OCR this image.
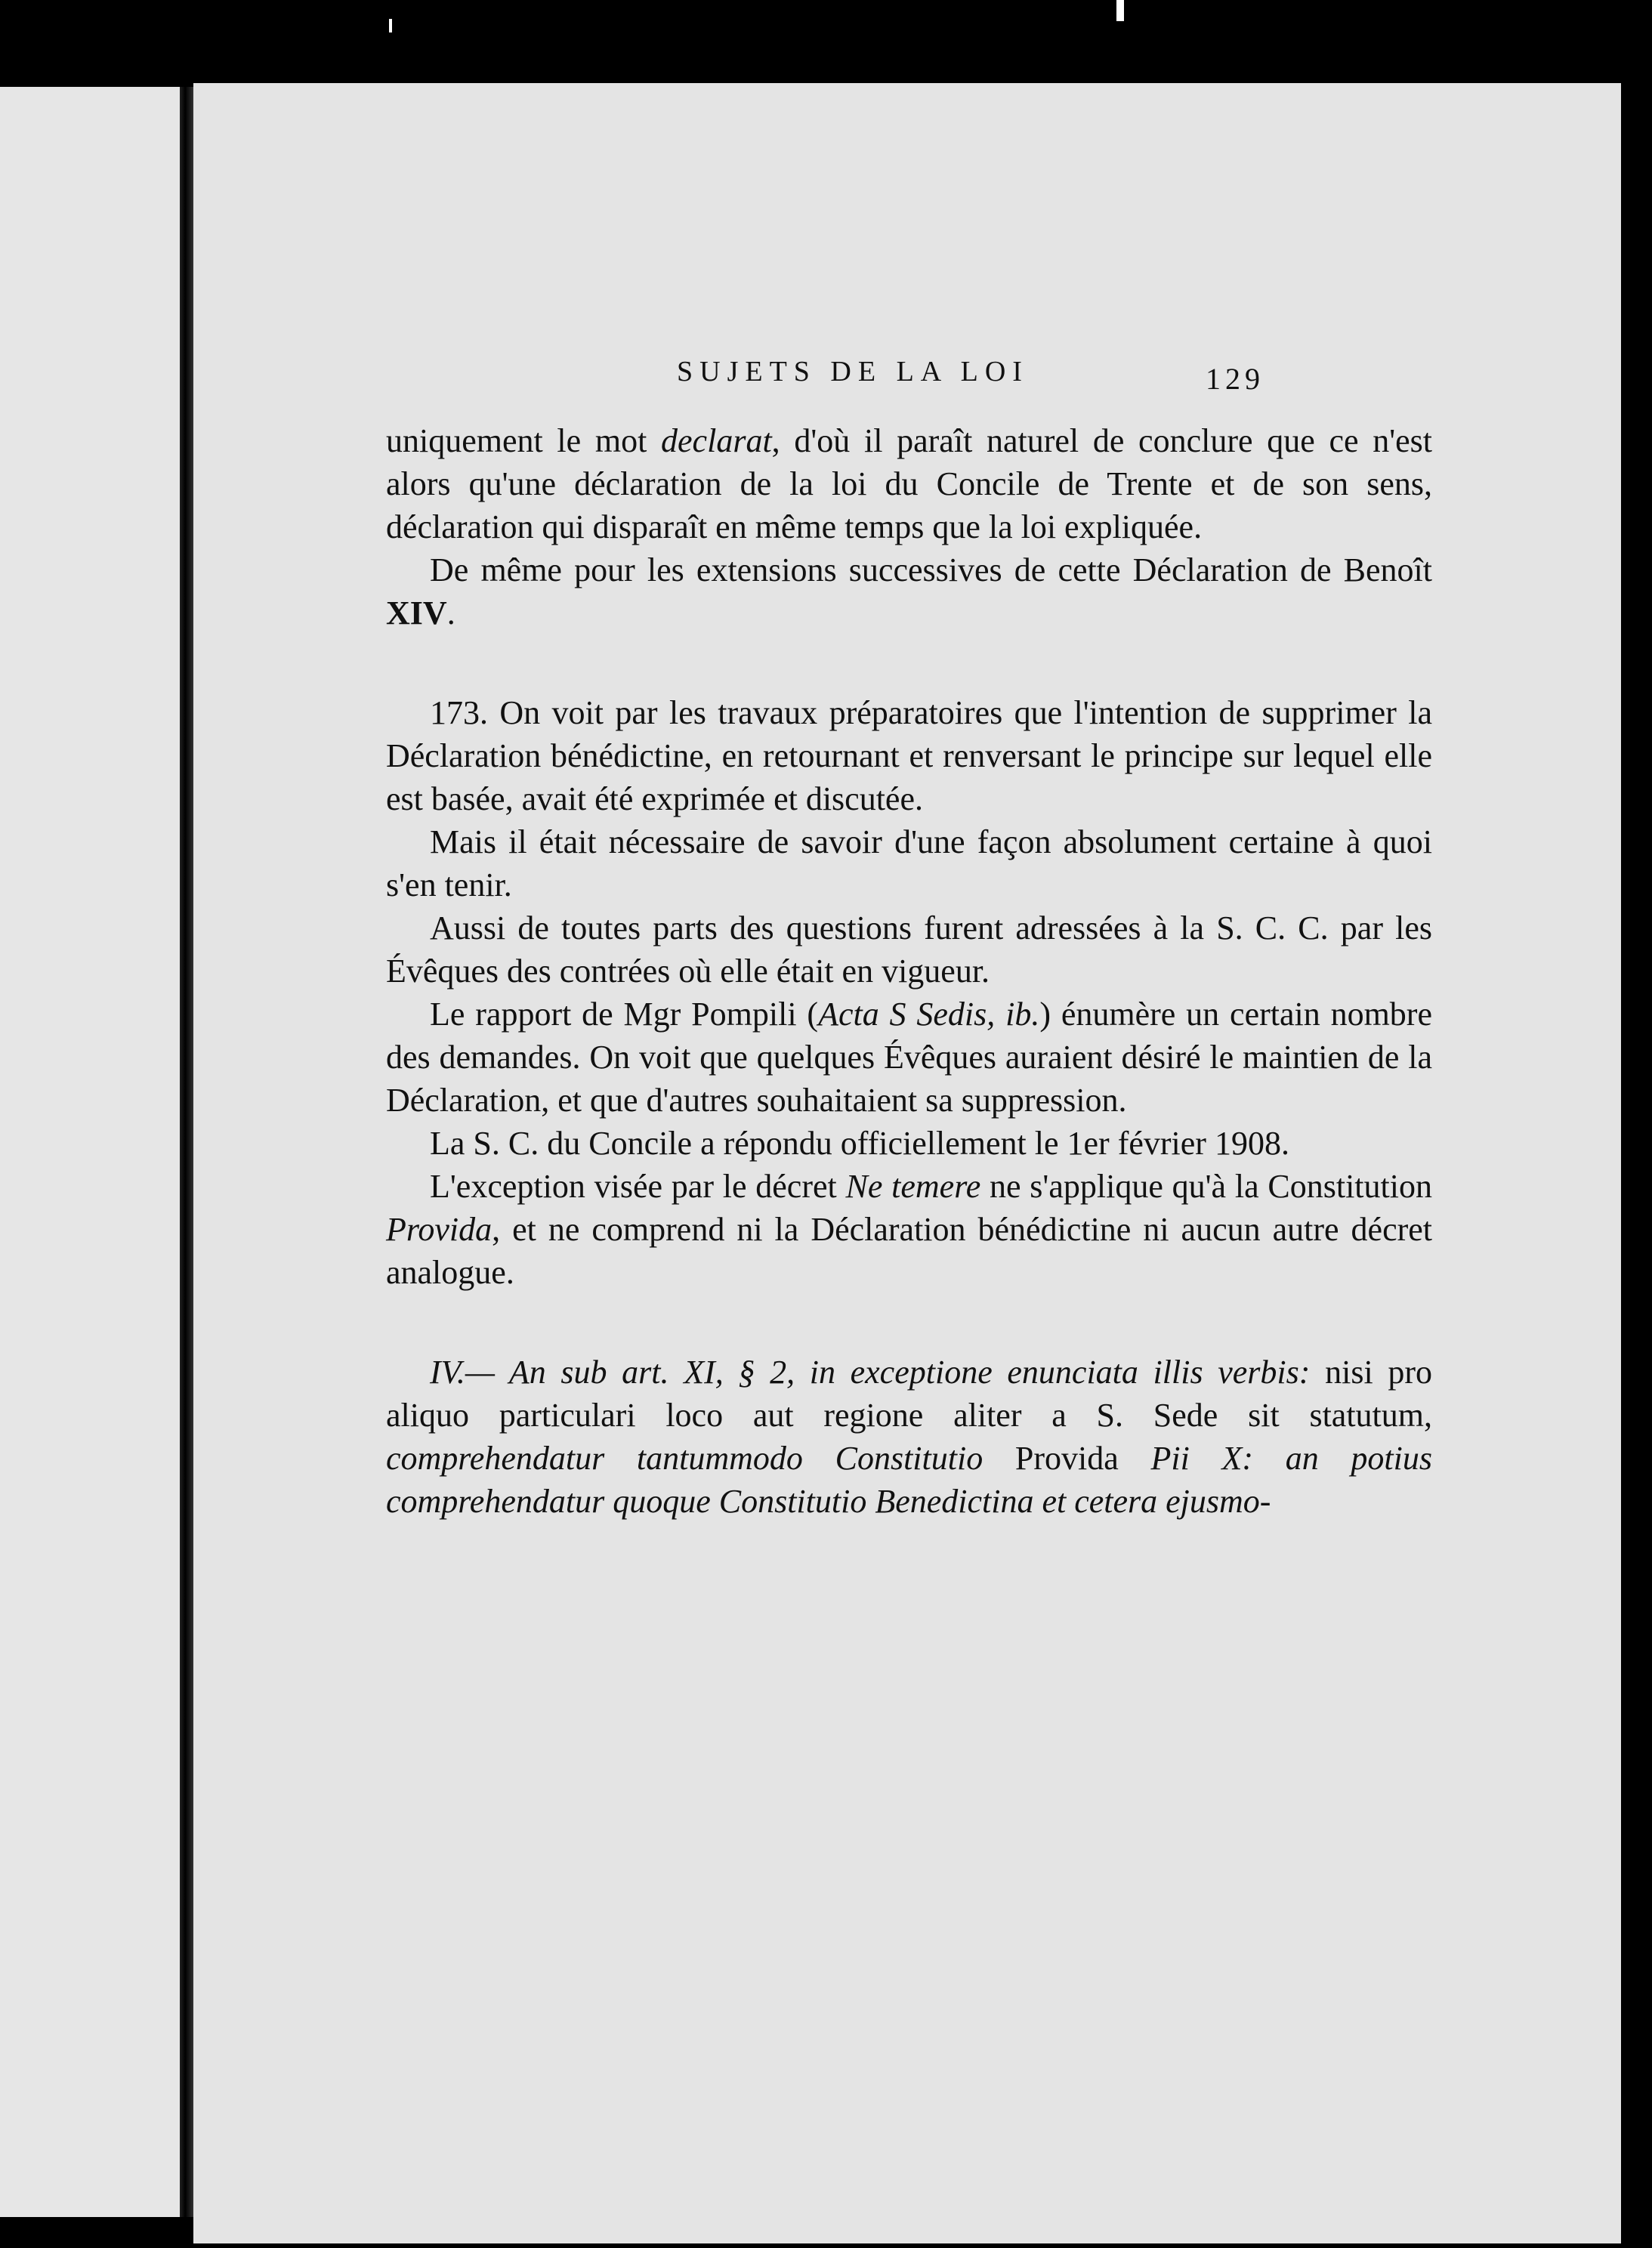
SUJETS DE LA LOI	129

uniquement le mot declarat, d'où il paraît naturel de conclure que ce n'est alors qu'une déclaration de la loi du Concile de Trente et de son sens, déclaration qui disparaît en même temps que la loi expliquée.

De même pour les extensions successives de cette Déclaration de Benoît XIV.

173. On voit par les travaux préparatoires que l'intention de supprimer la Déclaration bénédictine, en retournant et renversant le principe sur lequel elle est basée, avait été exprimée et discutée.

Mais il était nécessaire de savoir d'une façon absolument certaine à quoi s'en tenir.

Aussi de toutes parts des questions furent adressées à la S. C. C. par les Évêques des contrées où elle était en vigueur.

Le rapport de Mgr Pompili (Acta S Sedis, ib.) énumère un certain nombre des demandes. On voit que quelques Évêques auraient désiré le maintien de la Déclaration, et que d'autres souhaitaient sa suppression.

La S. C. du Concile a répondu officiellement le 1er février 1908.

L'exception visée par le décret Ne temere ne s'applique qu'à la Constitution Provida, et ne comprend ni la Déclaration bénédictine ni aucun autre décret analogue.

IV.— An sub art. XI, § 2, in exceptione enunciata illis verbis: nisi pro aliquo particulari loco aut regione aliter a S. Sede sit statutum, comprehendatur tantummodo Constitutio Provida Pii X: an potius comprehendatur quoque Constitutio Benedictina et cetera ejusmo-
